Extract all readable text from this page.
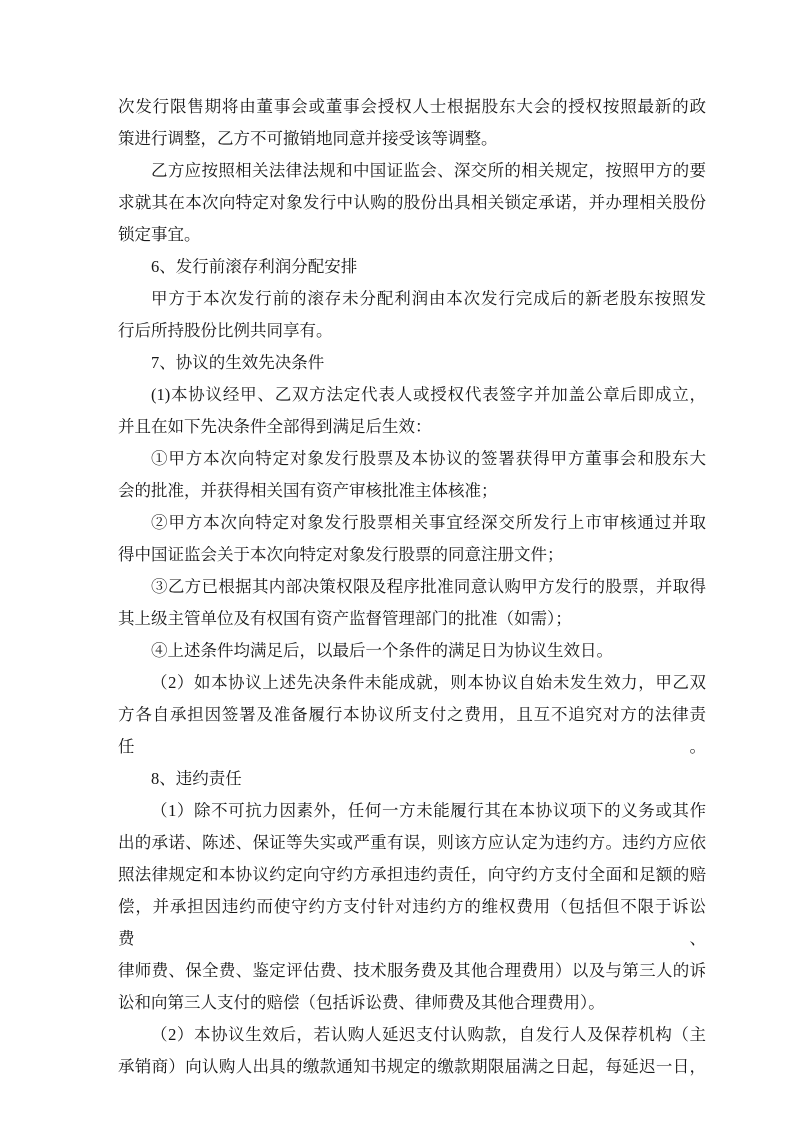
次发行限售期将由董事会或董事会授权人士根据股东大会的授权按照最新的政
策进行调整，乙方不可撤销地同意并接受该等调整。
乙方应按照相关法律法规和中国证监会、深交所的相关规定，按照甲方的要
求就其在本次向特定对象发行中认购的股份出具相关锁定承诺，并办理相关股份
锁定事宜。
6、发行前滚存利润分配安排
甲方于本次发行前的滚存未分配利润由本次发行完成后的新老股东按照发
行后所持股份比例共同享有。
7、协议的生效先决条件
(1)本协议经甲、乙双方法定代表人或授权代表签字并加盖公章后即成立，
并且在如下先决条件全部得到满足后生效：
①甲方本次向特定对象发行股票及本协议的签署获得甲方董事会和股东大
会的批准，并获得相关国有资产审核批准主体核准；
②甲方本次向特定对象发行股票相关事宜经深交所发行上市审核通过并取
得中国证监会关于本次向特定对象发行股票的同意注册文件；
③乙方已根据其内部决策权限及程序批准同意认购甲方发行的股票，并取得
其上级主管单位及有权国有资产监督管理部门的批准（如需）；
④上述条件均满足后，以最后一个条件的满足日为协议生效日。
（2）如本协议上述先决条件未能成就，则本协议自始未发生效力，甲乙双
方各自承担因签署及准备履行本协议所支付之费用，且互不追究对方的法律责任。
8、违约责任
（1）除不可抗力因素外，任何一方未能履行其在本协议项下的义务或其作
出的承诺、陈述、保证等失实或严重有误，则该方应认定为违约方。违约方应依
照法律规定和本协议约定向守约方承担违约责任，向守约方支付全面和足额的赔
偿，并承担因违约而使守约方支付针对违约方的维权费用（包括但不限于诉讼费、
律师费、保全费、鉴定评估费、技术服务费及其他合理费用）以及与第三人的诉
讼和向第三人支付的赔偿（包括诉讼费、律师费及其他合理费用）。
（2）本协议生效后，若认购人延迟支付认购款，自发行人及保荐机构（主
承销商）向认购人出具的缴款通知书规定的缴款期限届满之日起，每延迟一日，
